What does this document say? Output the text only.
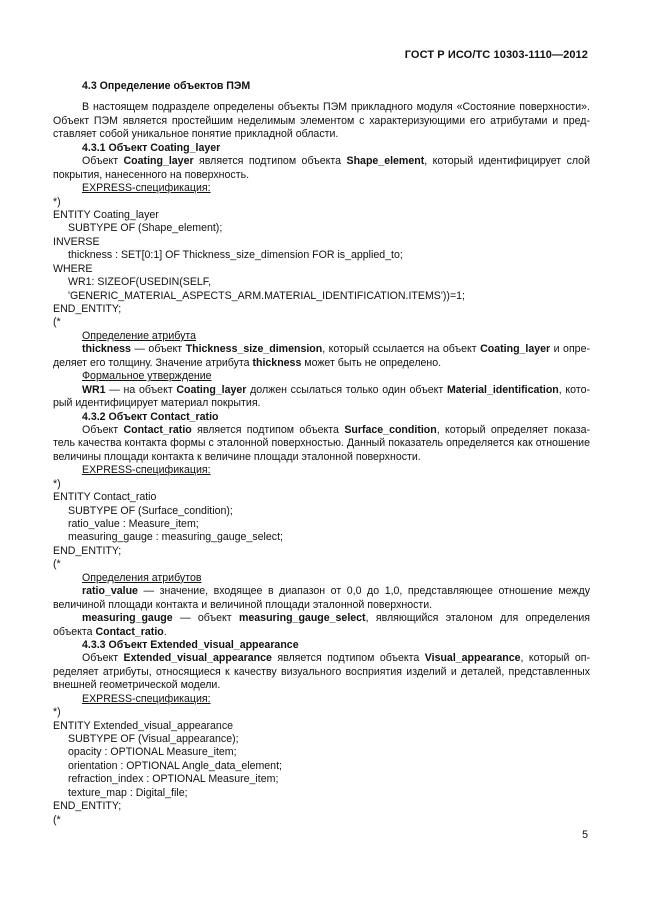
ГОСТ Р ИСО/ТС 10303-1110—2012
4.3 Определение объектов ПЭМ
В настоящем подразделе определены объекты ПЭМ прикладного модуля «Состояние поверхности».
Объект ПЭМ является простейшим неделимым элементом с характеризующими его атрибутами и пред-
ставляет собой уникальное понятие прикладной области.
4.3.1 Объект Coating_layer
Объект Coating_layer является подтипом объекта Shape_element, который идентифицирует слой
покрытия, нанесенного на поверхность.
EXPRESS-спецификация:
*)
ENTITY Coating_layer
SUBTYPE OF (Shape_element);
INVERSE
thickness : SET[0:1] OF Thickness_size_dimension FOR is_applied_to;
WHERE
WR1: SIZEOF(USEDIN(SELF,
'GENERIC_MATERIAL_ASPECTS_ARM.MATERIAL_IDENTIFICATION.ITEMS'))=1;
END_ENTITY;
(*
Определение атрибута
thickness — объект Thickness_size_dimension, который ссылается на объект Coating_layer и опре-
деляет его толщину. Значение атрибута thickness может быть не определено.
Формальное утверждение
WR1 — на объект Coating_layer должен ссылаться только один объект Material_identification, кото-
рый идентифицирует материал покрытия.
4.3.2 Объект Contact_ratio
Объект Contact_ratio является подтипом объекта Surface_condition, который определяет показа-
тель качества контакта формы с эталонной поверхностью. Данный показатель определяется как отношение
величины площади контакта к величине площади эталонной поверхности.
EXPRESS-спецификация:
*)
ENTITY Contact_ratio
SUBTYPE OF (Surface_condition);
ratio_value : Measure_item;
measuring_gauge : measuring_gauge_select;
END_ENTITY;
(*
Определения атрибутов
ratio_value — значение, входящее в диапазон от 0,0 до 1,0, представляющее отношение между
величиной площади контакта и величиной площади эталонной поверхности.
measuring_gauge — объект measuring_gauge_select, являющийся эталоном для определения
объекта Contact_ratio.
4.3.3 Объект Extended_visual_appearance
Объект Extended_visual_appearance является подтипом объекта Visual_appearance, который оп-
ределяет атрибуты, относящиеся к качеству визуального восприятия изделий и деталей, представленных
внешней геометрической модели.
EXPRESS-спецификация:
*)
ENTITY Extended_visual_appearance
SUBTYPE OF (Visual_appearance);
opacity : OPTIONAL Measure_item;
orientation : OPTIONAL Angle_data_element;
refraction_index : OPTIONAL Measure_item;
texture_map : Digital_file;
END_ENTITY;
(*
5
